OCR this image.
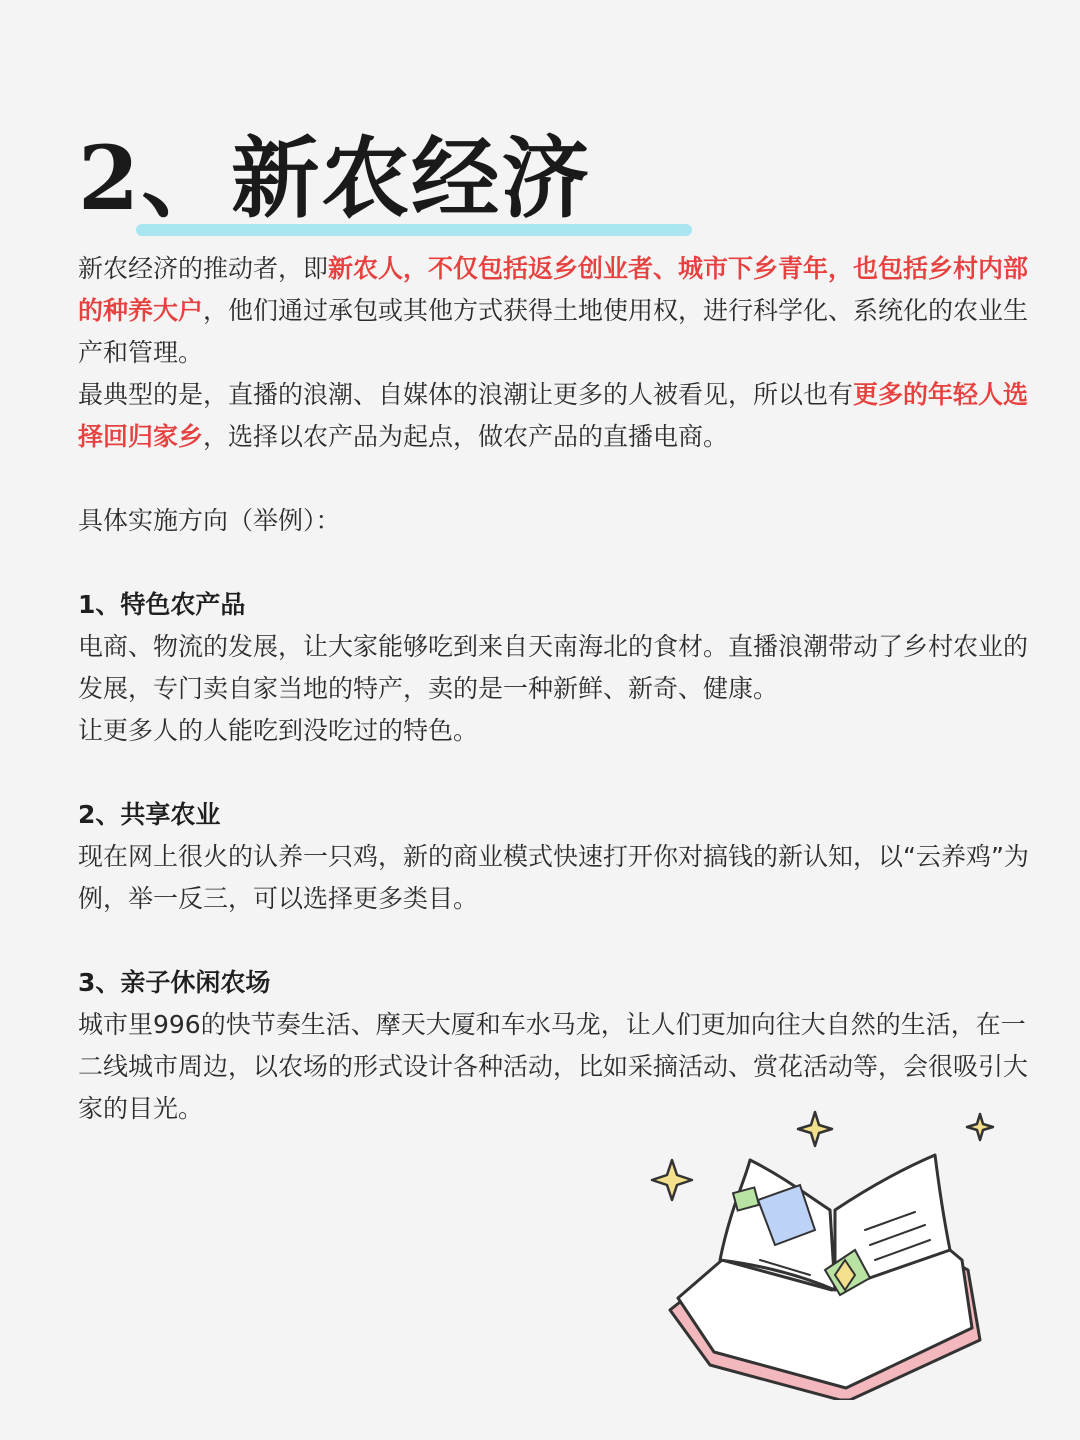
2、新农经济

新农经济的推动者，即新农人，不仅包括返乡创业者、城市下乡青年，也包括乡村内部的种养大户，他们通过承包或其他方式获得土地使用权，进行科学化、系统化的农业生产和管理。

最典型的是，直播的浪潮、自媒体的浪潮让更多的人被看见，所以也有更多的年轻人选择回归家乡，选择以农产品为起点，做农产品的直播电商。

具体实施方向（举例）：

1、特色农产品

电商、物流的发展，让大家能够吃到来自天南海北的食材。直播浪潮带动了乡村农业的发展，专门卖自家当地的特产，卖的是一种新鲜、新奇、健康。

让更多人的人能吃到没吃过的特色。

2、共享农业

现在网上很火的认养一只鸡，新的商业模式快速打开你对搞钱的新认知，以“云养鸡”为例，举一反三，可以选择更多类目。

3、亲子休闲农场

城市里996的快节奏生活、摩天大厦和车水马龙，让人们更加向往大自然的生活，在一二线城市周边，以农场的形式设计各种活动，比如采摘活动、赏花活动等，会很吸引大家的目光。
